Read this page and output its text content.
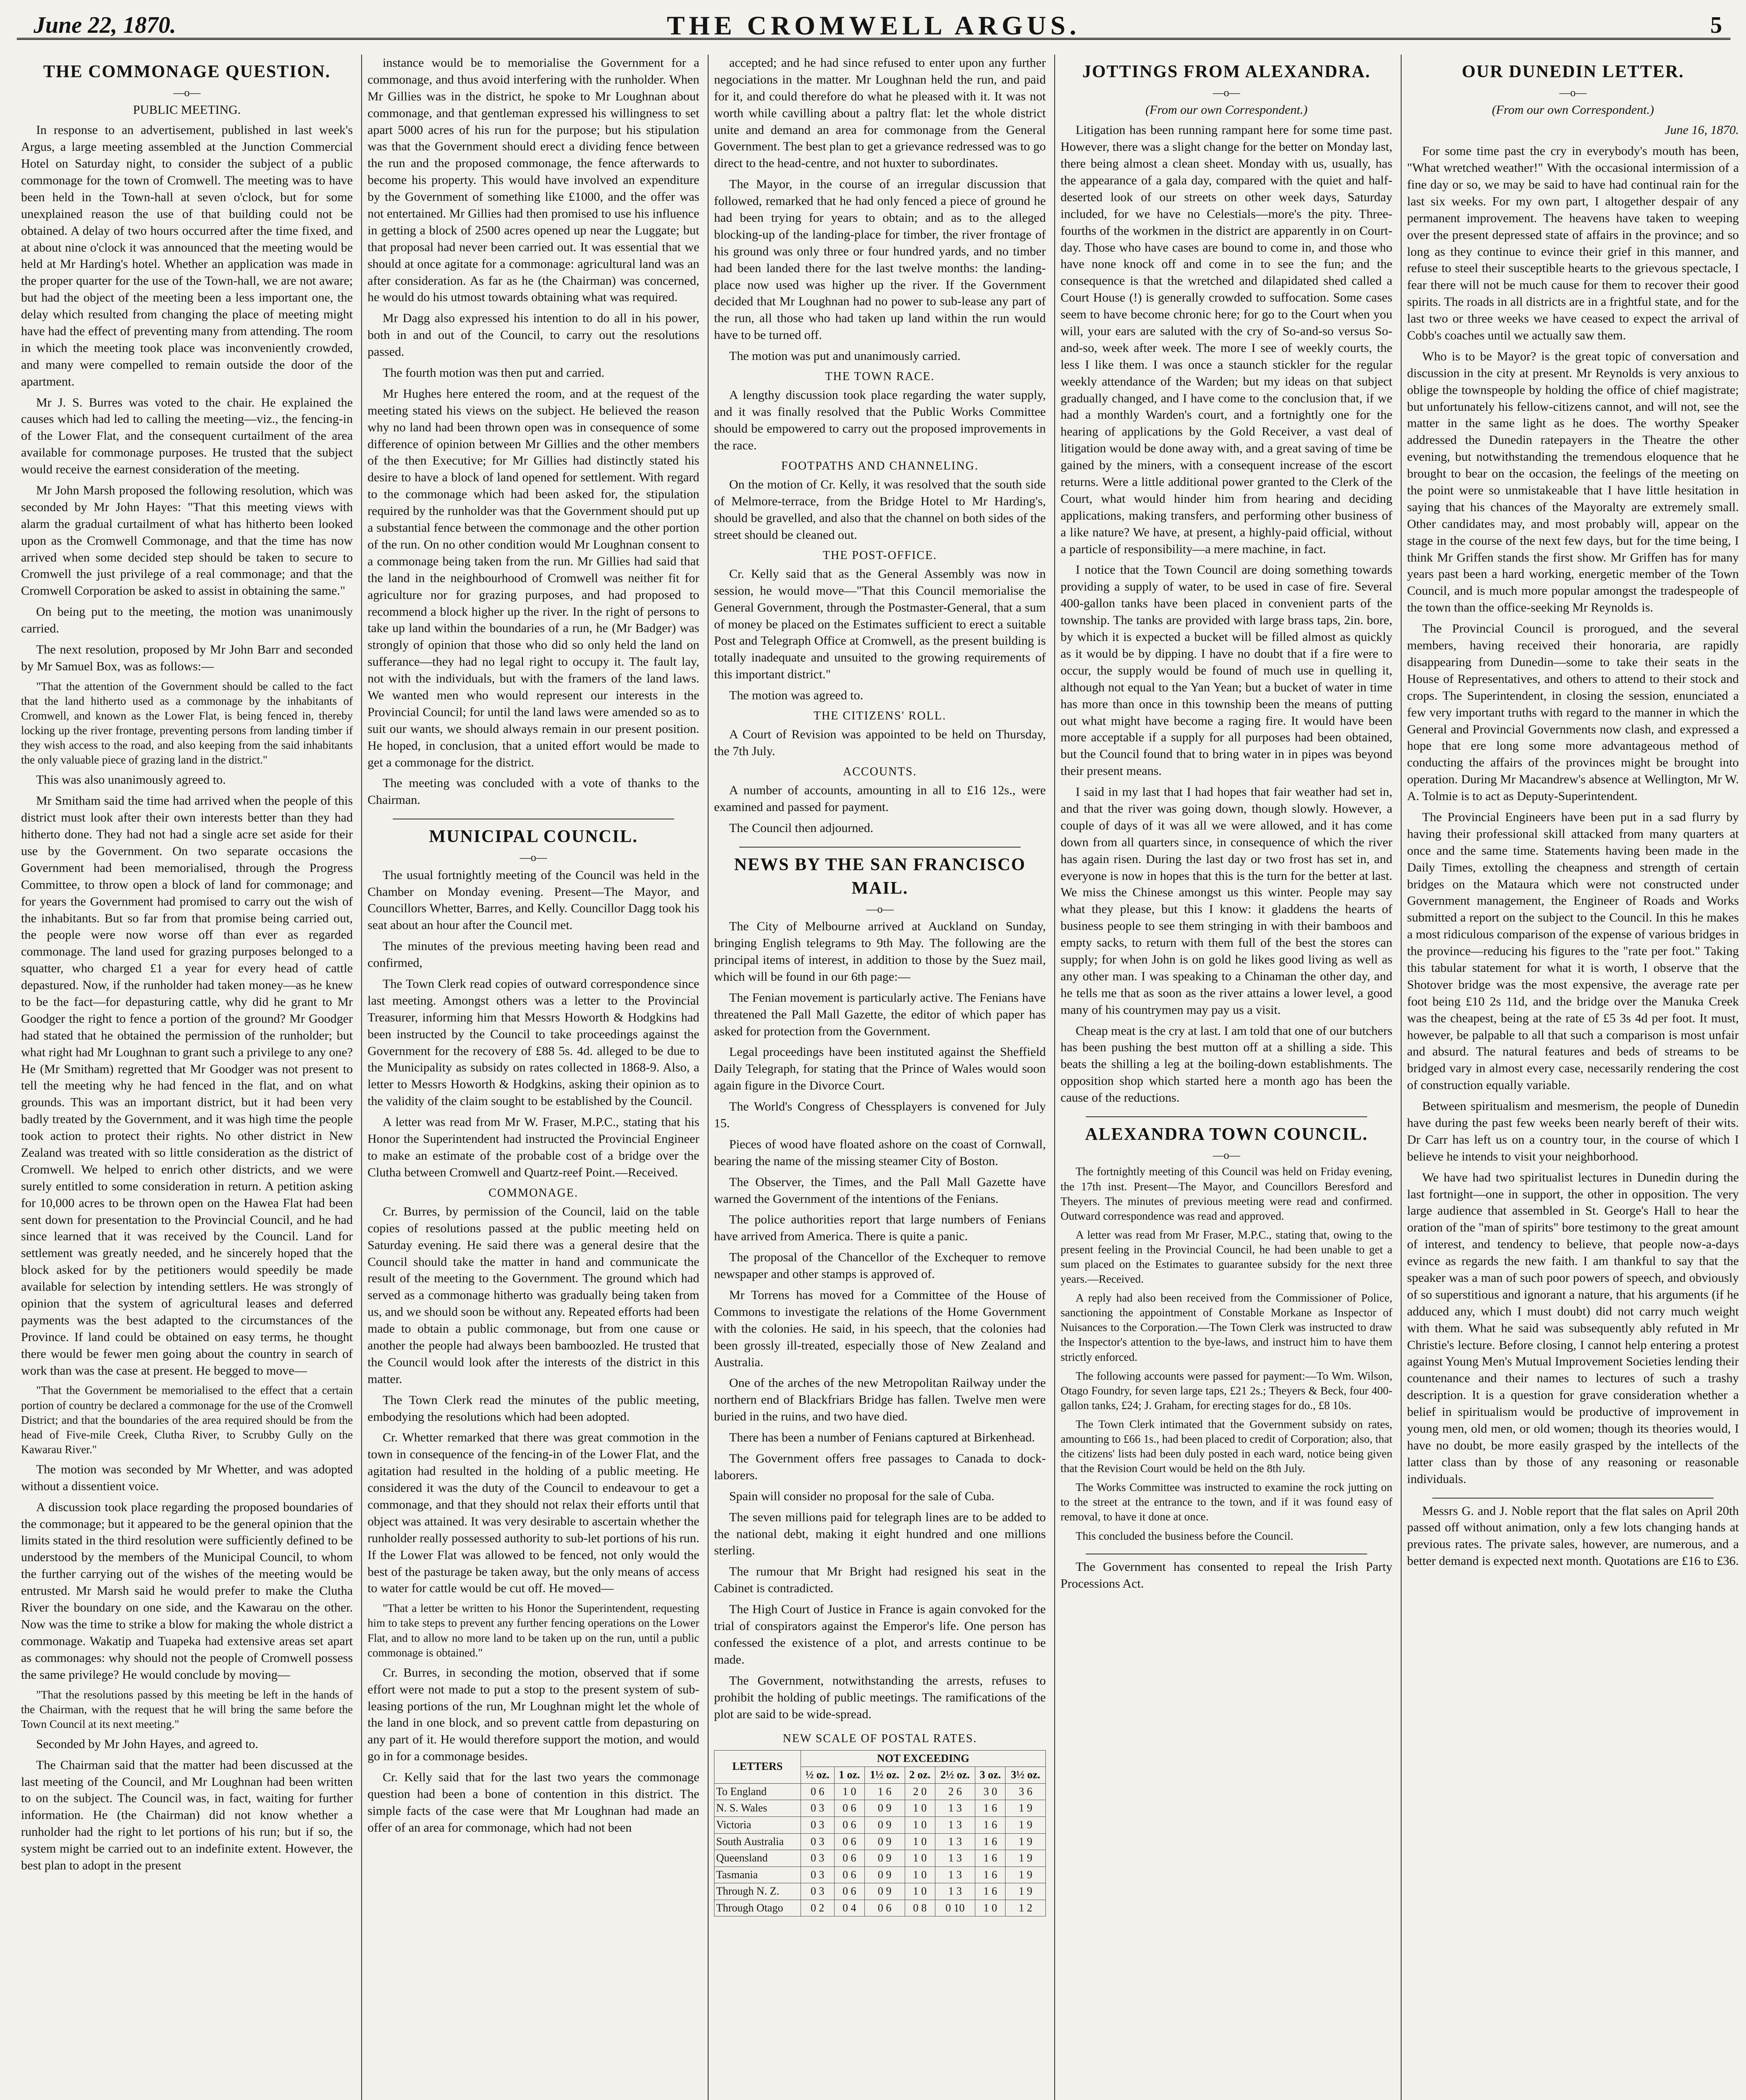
June 22, 1870.	THE CROMWELL ARGUS.	5
THE COMMONAGE QUESTION.
—o—
PUBLIC MEETING.

In response to an advertisement, published in last week's Argus, a large meeting assembled at the Junction Commercial Hotel on Saturday night, to consider the subject of a public commonage for the town of Cromwell. The meeting was to have been held in the Town-hall at seven o'clock, but for some unexplained reason the use of that building could not be obtained. A delay of two hours occurred after the time fixed, and at about nine o'clock it was announced that the meeting would be held at Mr Harding's hotel. Whether an application was made in the proper quarter for the use of the Town-hall, we are not aware; but had the object of the meeting been a less important one, the delay which resulted from changing the place of meeting might have had the effect of preventing many from attending. The room in which the meeting took place was inconveniently crowded, and many were compelled to remain outside the door of the apartment.

Mr J. S. Burres was voted to the chair. He explained the causes which had led to calling the meeting—viz., the fencing-in of the Lower Flat, and the consequent curtailment of the area available for commonage purposes. He trusted that the subject would receive the earnest consideration of the meeting.

Mr John Marsh proposed the following resolution, which was seconded by Mr John Hayes: "That this meeting views with alarm the gradual curtailment of what has hitherto been looked upon as the Cromwell Commonage, and that the time has now arrived when some decided step should be taken to secure to Cromwell the just privilege of a real commonage; and that the Cromwell Corporation be asked to assist in obtaining the same."

On being put to the meeting, the motion was unanimously carried.

The next resolution, proposed by Mr John Barr and seconded by Mr Samuel Box, was as follows:—

"That the attention of the Government should be called to the fact that the land hitherto used as a commonage by the inhabitants of Cromwell, and known as the Lower Flat, is being fenced in, thereby locking up the river frontage, preventing persons from landing timber if they wish access to the road, and also keeping from the said inhabitants the only valuable piece of grazing land in the district."

This was also unanimously agreed to.

Mr Smitham said the time had arrived when the people of this district must look after their own interests better than they had hitherto done. They had not had a single acre set aside for their use by the Government. On two separate occasions the Government had been memorialised, through the Progress Committee, to throw open a block of land for commonage; and for years the Government had promised to carry out the wish of the inhabitants. But so far from that promise being carried out, the people were now worse off than ever as regarded commonage. The land used for grazing purposes belonged to a squatter, who charged £1 a year for every head of cattle depastured. Now, if the runholder had taken money—as he knew to be the fact—for depasturing cattle, why did he grant to Mr Goodger the right to fence a portion of the ground? Mr Goodger had stated that he obtained the permission of the runholder; but what right had Mr Loughnan to grant such a privilege to any one? He (Mr Smitham) regretted that Mr Goodger was not present to tell the meeting why he had fenced in the flat, and on what grounds. This was an important district, but it had been very badly treated by the Government, and it was high time the people took action to protect their rights. No other district in New Zealand was treated with so little consideration as the district of Cromwell. We helped to enrich other districts, and we were surely entitled to some consideration in return. A petition asking for 10,000 acres to be thrown open on the Hawea Flat had been sent down for presentation to the Provincial Council, and he had since learned that it was received by the Council. Land for settlement was greatly needed, and he sincerely hoped that the block asked for by the petitioners would speedily be made available for selection by intending settlers. He was strongly of opinion that the system of agricultural leases and deferred payments was the best adapted to the circumstances of the Province. If land could be obtained on easy terms, he thought there would be fewer men going about the country in search of work than was the case at present. He begged to move—

"That the Government be memorialised to the effect that a certain portion of country be declared a commonage for the use of the Cromwell District; and that the boundaries of the area required should be from the head of Five-mile Creek, Clutha River, to Scrubby Gully on the Kawarau River."

The motion was seconded by Mr Whetter, and was adopted without a dissentient voice.

A discussion took place regarding the proposed boundaries of the commonage; but it appeared to be the general opinion that the limits stated in the third resolution were sufficiently defined to be understood by the members of the Municipal Council, to whom the further carrying out of the wishes of the meeting would be entrusted. Mr Marsh said he would prefer to make the Clutha River the boundary on one side, and the Kawarau on the other. Now was the time to strike a blow for making the whole district a commonage. Wakatip and Tuapeka had extensive areas set apart as commonages: why should not the people of Cromwell possess the same privilege? He would conclude by moving—

"That the resolutions passed by this meeting be left in the hands of the Chairman, with the request that he will bring the same before the Town Council at its next meeting."

Seconded by Mr John Hayes, and agreed to.

The Chairman said that the matter had been discussed at the last meeting of the Council, and Mr Loughnan had been written to on the subject. The Council was, in fact, waiting for further information. He (the Chairman) did not know whether a runholder had the right to let portions of his run; but if so, the system might be carried out to an indefinite extent. However, the best plan to adopt in the present

instance would be to memorialise the Government for a commonage, and thus avoid interfering with the runholder. When Mr Gillies was in the district, he spoke to Mr Loughnan about commonage, and that gentleman expressed his willingness to set apart 5000 acres of his run for the purpose; but his stipulation was that the Government should erect a dividing fence between the run and the proposed commonage, the fence afterwards to become his property. This would have involved an expenditure by the Government of something like £1000, and the offer was not entertained. Mr Gillies had then promised to use his influence in getting a block of 2500 acres opened up near the Luggate; but that proposal had never been carried out. It was essential that we should at once agitate for a commonage: agricultural land was an after consideration. As far as he (the Chairman) was concerned, he would do his utmost towards obtaining what was required.

Mr Dagg also expressed his intention to do all in his power, both in and out of the Council, to carry out the resolutions passed.

The fourth motion was then put and carried.

Mr Hughes here entered the room, and at the request of the meeting stated his views on the subject. He believed the reason why no land had been thrown open was in consequence of some difference of opinion between Mr Gillies and the other members of the then Executive; for Mr Gillies had distinctly stated his desire to have a block of land opened for settlement. With regard to the commonage which had been asked for, the stipulation required by the runholder was that the Government should put up a substantial fence between the commonage and the other portion of the run. On no other condition would Mr Loughnan consent to a commonage being taken from the run. Mr Gillies had said that the land in the neighbourhood of Cromwell was neither fit for agriculture nor for grazing purposes, and had proposed to recommend a block higher up the river. In the right of persons to take up land within the boundaries of a run, he (Mr Badger) was strongly of opinion that those who did so only held the land on sufferance—they had no legal right to occupy it. The fault lay, not with the individuals, but with the framers of the land laws. We wanted men who would represent our interests in the Provincial Council; for until the land laws were amended so as to suit our wants, we should always remain in our present position. He hoped, in conclusion, that a united effort would be made to get a commonage for the district.

The meeting was concluded with a vote of thanks to the Chairman.

MUNICIPAL COUNCIL.
—o—

The usual fortnightly meeting of the Council was held in the Chamber on Monday evening. Present—The Mayor, and Councillors Whetter, Barres, and Kelly. Councillor Dagg took his seat about an hour after the Council met.

The minutes of the previous meeting having been read and confirmed,

The Town Clerk read copies of outward correspondence since last meeting. Amongst others was a letter to the Provincial Treasurer, informing him that Messrs Howorth & Hodgkins had been instructed by the Council to take proceedings against the Government for the recovery of £88 5s. 4d. alleged to be due to the Municipality as subsidy on rates collected in 1868-9. Also, a letter to Messrs Howorth & Hodgkins, asking their opinion as to the validity of the claim sought to be established by the Council.

A letter was read from Mr W. Fraser, M.P.C., stating that his Honor the Superintendent had instructed the Provincial Engineer to make an estimate of the probable cost of a bridge over the Clutha between Cromwell and Quartz-reef Point.—Received.

COMMONAGE.

Cr. Burres, by permission of the Council, laid on the table copies of resolutions passed at the public meeting held on Saturday evening. He said there was a general desire that the Council should take the matter in hand and communicate the result of the meeting to the Government. The ground which had served as a commonage hitherto was gradually being taken from us, and we should soon be without any. Repeated efforts had been made to obtain a public commonage, but from one cause or another the people had always been bamboozled. He trusted that the Council would look after the interests of the district in this matter.

The Town Clerk read the minutes of the public meeting, embodying the resolutions which had been adopted.

Cr. Whetter remarked that there was great commotion in the town in consequence of the fencing-in of the Lower Flat, and the agitation had resulted in the holding of a public meeting. He considered it was the duty of the Council to endeavour to get a commonage, and that they should not relax their efforts until that object was attained. It was very desirable to ascertain whether the runholder really possessed authority to sub-let portions of his run. If the Lower Flat was allowed to be fenced, not only would the best of the pasturage be taken away, but the only means of access to water for cattle would be cut off. He moved—

"That a letter be written to his Honor the Superintendent, requesting him to take steps to prevent any further fencing operations on the Lower Flat, and to allow no more land to be taken up on the run, until a public commonage is obtained."

Cr. Burres, in seconding the motion, observed that if some effort were not made to put a stop to the present system of sub-leasing portions of the run, Mr Loughnan might let the whole of the land in one block, and so prevent cattle from depasturing on any part of it. He would therefore support the motion, and would go in for a commonage besides.

Cr. Kelly said that for the last two years the commonage question had been a bone of contention in this district. The simple facts of the case were that Mr Loughnan had made an offer of an area for commonage, which had not been

accepted; and he had since refused to enter upon any further negociations in the matter. Mr Loughnan held the run, and paid for it, and could therefore do what he pleased with it. It was not worth while cavilling about a paltry flat: let the whole district unite and demand an area for commonage from the General Government. The best plan to get a grievance redressed was to go direct to the head-centre, and not huxter to subordinates.

The Mayor, in the course of an irregular discussion that followed, remarked that he had only fenced a piece of ground he had been trying for years to obtain; and as to the alleged blocking-up of the landing-place for timber, the river frontage of his ground was only three or four hundred yards, and no timber had been landed there for the last twelve months: the landing-place now used was higher up the river. If the Government decided that Mr Loughnan had no power to sub-lease any part of the run, all those who had taken up land within the run would have to be turned off.

The motion was put and unanimously carried.

THE TOWN RACE.

A lengthy discussion took place regarding the water supply, and it was finally resolved that the Public Works Committee should be empowered to carry out the proposed improvements in the race.

FOOTPATHS AND CHANNELING.

On the motion of Cr. Kelly, it was resolved that the south side of Melmore-terrace, from the Bridge Hotel to Mr Harding's, should be gravelled, and also that the channel on both sides of the street should be cleaned out.

THE POST-OFFICE.

Cr. Kelly said that as the General Assembly was now in session, he would move—"That this Council memorialise the General Government, through the Postmaster-General, that a sum of money be placed on the Estimates sufficient to erect a suitable Post and Telegraph Office at Cromwell, as the present building is totally inadequate and unsuited to the growing requirements of this important district."

The motion was agreed to.

THE CITIZENS' ROLL.

A Court of Revision was appointed to be held on Thursday, the 7th July.

ACCOUNTS.

A number of accounts, amounting in all to £16 12s., were examined and passed for payment.

The Council then adjourned.

NEWS BY THE SAN FRANCISCO MAIL.
—o—

The City of Melbourne arrived at Auckland on Sunday, bringing English telegrams to 9th May. The following are the principal items of interest, in addition to those by the Suez mail, which will be found in our 6th page:—

The Fenian movement is particularly active. The Fenians have threatened the Pall Mall Gazette, the editor of which paper has asked for protection from the Government.

Legal proceedings have been instituted against the Sheffield Daily Telegraph, for stating that the Prince of Wales would soon again figure in the Divorce Court.

The World's Congress of Chessplayers is convened for July 15.

Pieces of wood have floated ashore on the coast of Cornwall, bearing the name of the missing steamer City of Boston.

The Observer, the Times, and the Pall Mall Gazette have warned the Government of the intentions of the Fenians.

The police authorities report that large numbers of Fenians have arrived from America. There is quite a panic.

The proposal of the Chancellor of the Exchequer to remove newspaper and other stamps is approved of.

Mr Torrens has moved for a Committee of the House of Commons to investigate the relations of the Home Government with the colonies. He said, in his speech, that the colonies had been grossly ill-treated, especially those of New Zealand and Australia.

One of the arches of the new Metropolitan Railway under the northern end of Blackfriars Bridge has fallen. Twelve men were buried in the ruins, and two have died.

There has been a number of Fenians captured at Birkenhead.

The Government offers free passages to Canada to dock-laborers.

Spain will consider no proposal for the sale of Cuba.

The seven millions paid for telegraph lines are to be added to the national debt, making it eight hundred and one millions sterling.

The rumour that Mr Bright had resigned his seat in the Cabinet is contradicted.

The High Court of Justice in France is again convoked for the trial of conspirators against the Emperor's life. One person has confessed the existence of a plot, and arrests continue to be made.

The Government, notwithstanding the arrests, refuses to prohibit the holding of public meetings. The ramifications of the plot are said to be wide-spread.

NEW SCALE OF POSTAL RATES.
LETTERS	NOT EXCEEDING						
	½ oz.	1 oz.	1½ oz.	2 oz.	2½ oz.	3 oz.	3½ oz.
To England	0 6	1 0	1 6	2 0	2 6	3 0	3 6
N. S. Wales	0 3	0 6	0 9	1 0	1 3	1 6	1 9
Victoria	0 3	0 6	0 9	1 0	1 3	1 6	1 9
South Australia	0 3	0 6	0 9	1 0	1 3	1 6	1 9
Queensland	0 3	0 6	0 9	1 0	1 3	1 6	1 9
Tasmania	0 3	0 6	0 9	1 0	1 3	1 6	1 9
Through N. Z.	0 3	0 6	0 9	1 0	1 3	1 6	1 9
Through Otago	0 2	0 4	0 6	0 8	0 10	1 0	1 2
JOTTINGS FROM ALEXANDRA.
—o—
(From our own Correspondent.)

Litigation has been running rampant here for some time past. However, there was a slight change for the better on Monday last, there being almost a clean sheet. Monday with us, usually, has the appearance of a gala day, compared with the quiet and half-deserted look of our streets on other week days, Saturday included, for we have no Celestials—more's the pity. Three-fourths of the workmen in the district are apparently in on Court-day. Those who have cases are bound to come in, and those who have none knock off and come in to see the fun; and the consequence is that the wretched and dilapidated shed called a Court House (!) is generally crowded to suffocation. Some cases seem to have become chronic here; for go to the Court when you will, your ears are saluted with the cry of So-and-so versus So-and-so, week after week. The more I see of weekly courts, the less I like them. I was once a staunch stickler for the regular weekly attendance of the Warden; but my ideas on that subject gradually changed, and I have come to the conclusion that, if we had a monthly Warden's court, and a fortnightly one for the hearing of applications by the Gold Receiver, a vast deal of litigation would be done away with, and a great saving of time be gained by the miners, with a consequent increase of the escort returns. Were a little additional power granted to the Clerk of the Court, what would hinder him from hearing and deciding applications, making transfers, and performing other business of a like nature? We have, at present, a highly-paid official, without a particle of responsibility—a mere machine, in fact.

I notice that the Town Council are doing something towards providing a supply of water, to be used in case of fire. Several 400-gallon tanks have been placed in convenient parts of the township. The tanks are provided with large brass taps, 2in. bore, by which it is expected a bucket will be filled almost as quickly as it would be by dipping. I have no doubt that if a fire were to occur, the supply would be found of much use in quelling it, although not equal to the Yan Yean; but a bucket of water in time has more than once in this township been the means of putting out what might have become a raging fire. It would have been more acceptable if a supply for all purposes had been obtained, but the Council found that to bring water in in pipes was beyond their present means.

I said in my last that I had hopes that fair weather had set in, and that the river was going down, though slowly. However, a couple of days of it was all we were allowed, and it has come down from all quarters since, in consequence of which the river has again risen. During the last day or two frost has set in, and everyone is now in hopes that this is the turn for the better at last. We miss the Chinese amongst us this winter. People may say what they please, but this I know: it gladdens the hearts of business people to see them stringing in with their bamboos and empty sacks, to return with them full of the best the stores can supply; for when John is on gold he likes good living as well as any other man. I was speaking to a Chinaman the other day, and he tells me that as soon as the river attains a lower level, a good many of his countrymen may pay us a visit.

Cheap meat is the cry at last. I am told that one of our butchers has been pushing the best mutton off at a shilling a side. This beats the shilling a leg at the boiling-down establishments. The opposition shop which started here a month ago has been the cause of the reductions.

ALEXANDRA TOWN COUNCIL.
—o—

The fortnightly meeting of this Council was held on Friday evening, the 17th inst. Present—The Mayor, and Councillors Beresford and Theyers. The minutes of previous meeting were read and confirmed. Outward correspondence was read and approved.

A letter was read from Mr Fraser, M.P.C., stating that, owing to the present feeling in the Provincial Council, he had been unable to get a sum placed on the Estimates to guarantee subsidy for the next three years.—Received.

A reply had also been received from the Commissioner of Police, sanctioning the appointment of Constable Morkane as Inspector of Nuisances to the Corporation.—The Town Clerk was instructed to draw the Inspector's attention to the bye-laws, and instruct him to have them strictly enforced.

The following accounts were passed for payment:—To Wm. Wilson, Otago Foundry, for seven large taps, £21 2s.; Theyers & Beck, four 400-gallon tanks, £24; J. Graham, for erecting stages for do., £8 10s.

The Town Clerk intimated that the Government subsidy on rates, amounting to £66 1s., had been placed to credit of Corporation; also, that the citizens' lists had been duly posted in each ward, notice being given that the Revision Court would be held on the 8th July.

The Works Committee was instructed to examine the rock jutting on to the street at the entrance to the town, and if it was found easy of removal, to have it done at once.

This concluded the business before the Council.

The Government has consented to repeal the Irish Party Processions Act.

OUR DUNEDIN LETTER.
—o—
(From our own Correspondent.)
June 16, 1870.

For some time past the cry in everybody's mouth has been, "What wretched weather!" With the occasional intermission of a fine day or so, we may be said to have had continual rain for the last six weeks. For my own part, I altogether despair of any permanent improvement. The heavens have taken to weeping over the present depressed state of affairs in the province; and so long as they continue to evince their grief in this manner, and refuse to steel their susceptible hearts to the grievous spectacle, I fear there will not be much cause for them to recover their good spirits. The roads in all districts are in a frightful state, and for the last two or three weeks we have ceased to expect the arrival of Cobb's coaches until we actually saw them.

Who is to be Mayor? is the great topic of conversation and discussion in the city at present. Mr Reynolds is very anxious to oblige the townspeople by holding the office of chief magistrate; but unfortunately his fellow-citizens cannot, and will not, see the matter in the same light as he does. The worthy Speaker addressed the Dunedin ratepayers in the Theatre the other evening, but notwithstanding the tremendous eloquence that he brought to bear on the occasion, the feelings of the meeting on the point were so unmistakeable that I have little hesitation in saying that his chances of the Mayoralty are extremely small. Other candidates may, and most probably will, appear on the stage in the course of the next few days, but for the time being, I think Mr Griffen stands the first show. Mr Griffen has for many years past been a hard working, energetic member of the Town Council, and is much more popular amongst the tradespeople of the town than the office-seeking Mr Reynolds is.

The Provincial Council is prorogued, and the several members, having received their honoraria, are rapidly disappearing from Dunedin—some to take their seats in the House of Representatives, and others to attend to their stock and crops. The Superintendent, in closing the session, enunciated a few very important truths with regard to the manner in which the General and Provincial Governments now clash, and expressed a hope that ere long some more advantageous method of conducting the affairs of the provinces might be brought into operation. During Mr Macandrew's absence at Wellington, Mr W. A. Tolmie is to act as Deputy-Superintendent.

The Provincial Engineers have been put in a sad flurry by having their professional skill attacked from many quarters at once and the same time. Statements having been made in the Daily Times, extolling the cheapness and strength of certain bridges on the Mataura which were not constructed under Government management, the Engineer of Roads and Works submitted a report on the subject to the Council. In this he makes a most ridiculous comparison of the expense of various bridges in the province—reducing his figures to the "rate per foot." Taking this tabular statement for what it is worth, I observe that the Shotover bridge was the most expensive, the average rate per foot being £10 2s 11d, and the bridge over the Manuka Creek was the cheapest, being at the rate of £5 3s 4d per foot. It must, however, be palpable to all that such a comparison is most unfair and absurd. The natural features and beds of streams to be bridged vary in almost every case, necessarily rendering the cost of construction equally variable.

Between spiritualism and mesmerism, the people of Dunedin have during the past few weeks been nearly bereft of their wits. Dr Carr has left us on a country tour, in the course of which I believe he intends to visit your neighborhood.

We have had two spiritualist lectures in Dunedin during the last fortnight—one in support, the other in opposition. The very large audience that assembled in St. George's Hall to hear the oration of the "man of spirits" bore testimony to the great amount of interest, and tendency to believe, that people now-a-days evince as regards the new faith. I am thankful to say that the speaker was a man of such poor powers of speech, and obviously of so superstitious and ignorant a nature, that his arguments (if he adduced any, which I must doubt) did not carry much weight with them. What he said was subsequently ably refuted in Mr Christie's lecture. Before closing, I cannot help entering a protest against Young Men's Mutual Improvement Societies lending their countenance and their names to lectures of such a trashy description. It is a question for grave consideration whether a belief in spiritualism would be productive of improvement in young men, old men, or old women; though its theories would, I have no doubt, be more easily grasped by the intellects of the latter class than by those of any reasoning or reasonable individuals.

Messrs G. and J. Noble report that the flat sales on April 20th passed off without animation, only a few lots changing hands at previous rates. The private sales, however, are numerous, and a better demand is expected next month. Quotations are £16 to £36.
